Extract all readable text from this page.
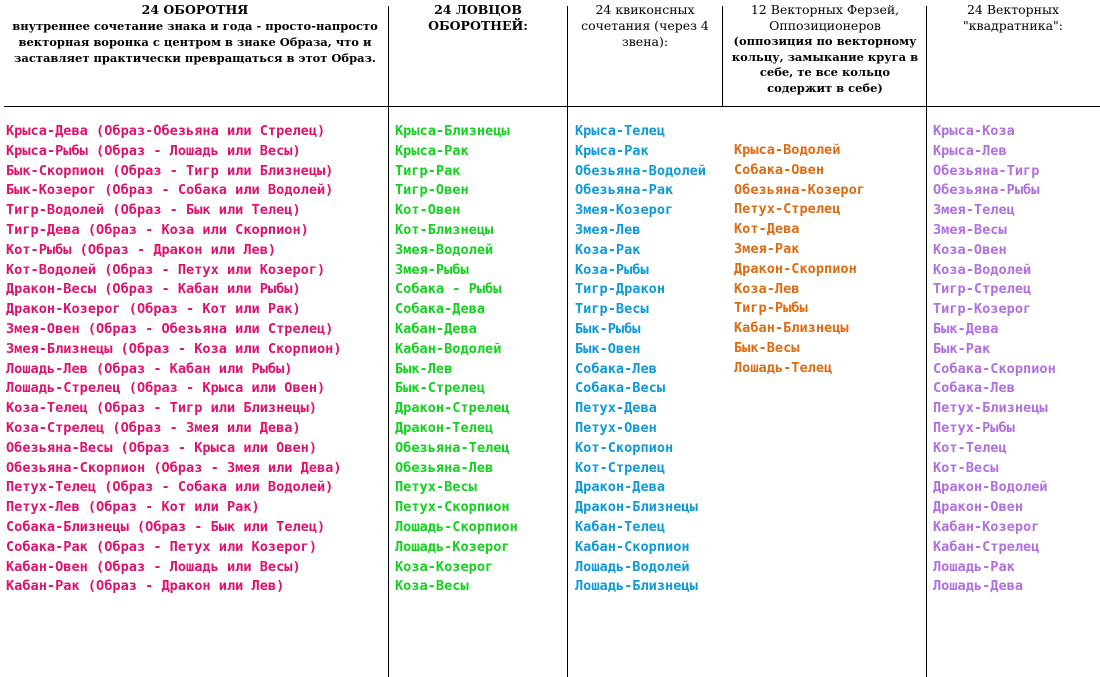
24 ОБОРОТНЯ
внутреннее сочетание знака и года - просто-напросто векторная воронка с центром в знаке Образа, что и заставляет практически превращаться в этот Образ.
24 ЛОВЦОВ ОБОРОТНЕЙ:
24 квиконсных сочетания (через 4 звена):
12 Векторных Ферзей, Оппозиционеров
(оппозиция по векторному кольцу, замыкание круга в себе, те все кольцо содержит в себе)
24 Векторных "квадратника":
Крыса-Дева (Образ-Обезьяна или Стрелец)
Крыса-Рыбы (Образ - Лошадь или Весы)
Бык-Скорпион (Образ - Тигр или Близнецы)
Бык-Козерог (Образ - Собака или Водолей)
Тигр-Водолей (Образ - Бык или Телец)
Тигр-Дева (Образ - Коза или Скорпион)
Кот-Рыбы (Образ - Дракон или Лев)
Кот-Водолей (Образ - Петух или Козерог)
Дракон-Весы (Образ - Кабан или Рыбы)
Дракон-Козерог (Образ - Кот или Рак)
Змея-Овен (Образ - Обезьяна или Стрелец)
Змея-Близнецы (Образ - Коза или Скорпион)
Лошадь-Лев (Образ - Кабан или Рыбы)
Лошадь-Стрелец (Образ - Крыса или Овен)
Коза-Телец (Образ - Тигр или Близнецы)
Коза-Стрелец (Образ - Змея или Дева)
Обезьяна-Весы (Образ - Крыса или Овен)
Обезьяна-Скорпион (Образ - Змея или Дева)
Петух-Телец (Образ - Собака или Водолей)
Петух-Лев (Образ - Кот или Рак)
Собака-Близнецы (Образ - Бык или Телец)
Собака-Рак (Образ - Петух или Козерог)
Кабан-Овен (Образ - Лошадь или Весы)
Кабан-Рак (Образ - Дракон или Лев)
Крыса-Близнецы
Крыса-Рак
Тигр-Рак
Тигр-Овен
Кот-Овен
Кот-Близнецы
Змея-Водолей
Змея-Рыбы
Собака - Рыбы
Собака-Дева
Кабан-Дева
Кабан-Водолей
Бык-Лев
Бык-Стрелец
Дракон-Стрелец
Дракон-Телец
Обезьяна-Телец
Обезьяна-Лев
Петух-Весы
Петух-Скорпион
Лошадь-Скорпион
Лошадь-Козерог
Коза-Козерог
Коза-Весы
Крыса-Телец
Крыса-Рак
Обезьяна-Водолей
Обезьяна-Рак
Змея-Козерог
Змея-Лев
Коза-Рак
Коза-Рыбы
Тигр-Дракон
Тигр-Весы
Бык-Рыбы
Бык-Овен
Собака-Лев
Собака-Весы
Петух-Дева
Петух-Овен
Кот-Скорпион
Кот-Стрелец
Дракон-Дева
Дракон-Близнецы
Кабан-Телец
Кабан-Скорпион
Лошадь-Водолей
Лошадь-Близнецы
Крыса-Водолей
Собака-Овен
Обезьяна-Козерог
Петух-Стрелец
Кот-Дева
Змея-Рак
Дракон-Скорпион
Коза-Лев
Тигр-Рыбы
Кабан-Близнецы
Бык-Весы
Лошадь-Телец
Крыса-Коза
Крыса-Лев
Обезьяна-Тигр
Обезьяна-Рыбы
Змея-Телец
Змея-Весы
Коза-Овен
Коза-Водолей
Тигр-Стрелец
Тигр-Козерог
Бык-Дева
Бык-Рак
Собака-Скорпион
Собака-Лев
Петух-Близнецы
Петух-Рыбы
Кот-Телец
Кот-Весы
Дракон-Водолей
Дракон-Овен
Кабан-Козерог
Кабан-Стрелец
Лошадь-Рак
Лошадь-Дева
